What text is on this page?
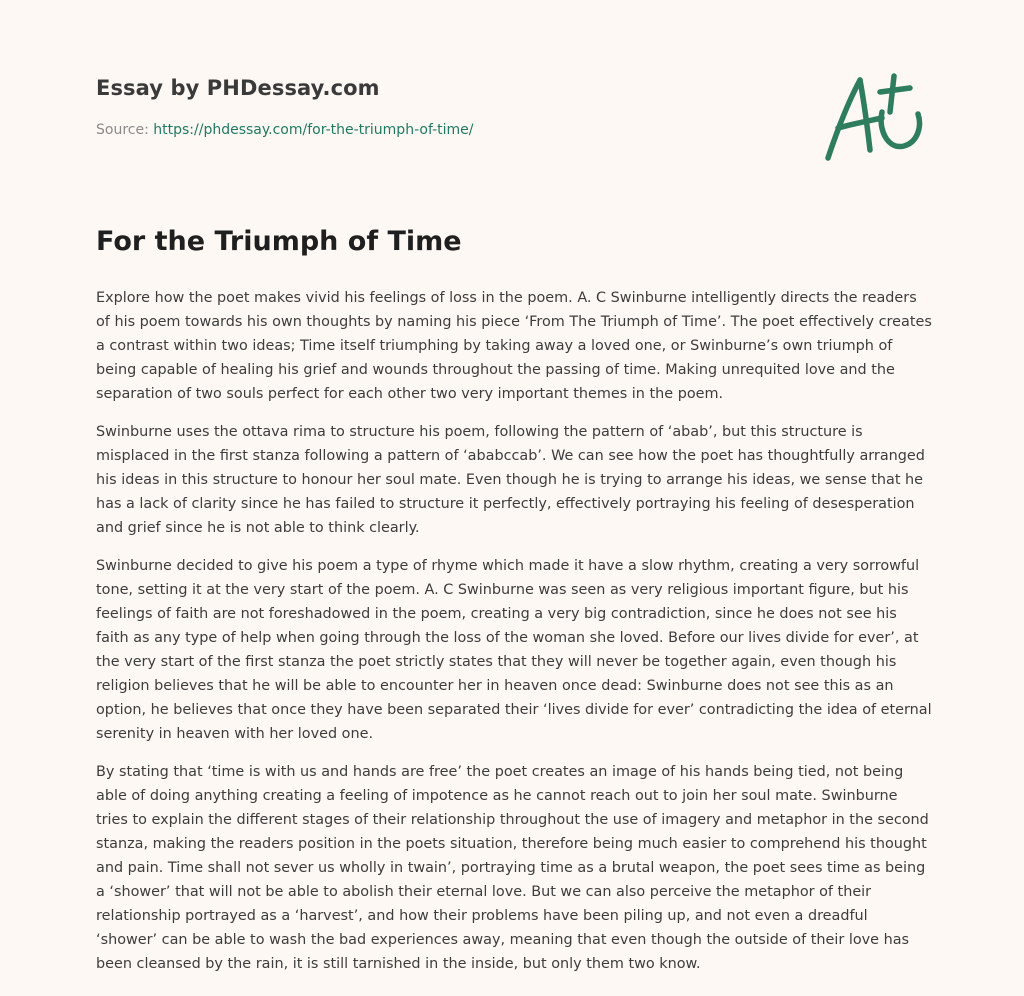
Essay by PHDessay.com
Source: https://phdessay.com/for-the-triumph-of-time/
For the Triumph of Time

Explore how the poet makes vivid his feelings of loss in the poem. A. C Swinburne intelligently directs the readers of his poem towards his own thoughts by naming his piece ‘From The Triumph of Time’. The poet effectively creates a contrast within two ideas; Time itself triumphing by taking away a loved one, or Swinburne’s own triumph of being capable of healing his grief and wounds throughout the passing of time. Making unrequited love and the separation of two souls perfect for each other two very important themes in the poem.

Swinburne uses the ottava rima to structure his poem, following the pattern of ‘abab’, but this structure is misplaced in the first stanza following a pattern of ‘ababccab’. We can see how the poet has thoughtfully arranged his ideas in this structure to honour her soul mate. Even though he is trying to arrange his ideas, we sense that he has a lack of clarity since he has failed to structure it perfectly, effectively portraying his feeling of desesperation and grief since he is not able to think clearly.

Swinburne decided to give his poem a type of rhyme which made it have a slow rhythm, creating a very sorrowful tone, setting it at the very start of the poem. A. C Swinburne was seen as very religious important figure, but his feelings of faith are not foreshadowed in the poem, creating a very big contradiction, since he does not see his faith as any type of help when going through the loss of the woman she loved. Before our lives divide for ever’, at the very start of the first stanza the poet strictly states that they will never be together again, even though his religion believes that he will be able to encounter her in heaven once dead: Swinburne does not see this as an option, he believes that once they have been separated their ‘lives divide for ever’ contradicting the idea of eternal serenity in heaven with her loved one.

By stating that ‘time is with us and hands are free’ the poet creates an image of his hands being tied, not being able of doing anything creating a feeling of impotence as he cannot reach out to join her soul mate. Swinburne tries to explain the different stages of their relationship throughout the use of imagery and metaphor in the second stanza, making the readers position in the poets situation, therefore being much easier to comprehend his thought and pain. Time shall not sever us wholly in twain’, portraying time as a brutal weapon, the poet sees time as being a ‘shower’ that will not be able to abolish their eternal love. But we can also perceive the metaphor of their relationship portrayed as a ‘harvest’, and how their problems have been piling up, and not even a dreadful ‘shower’ can be able to wash the bad experiences away, meaning that even though the outside of their love has been cleansed by the rain, it is still tarnished in the inside, but only them two know.
